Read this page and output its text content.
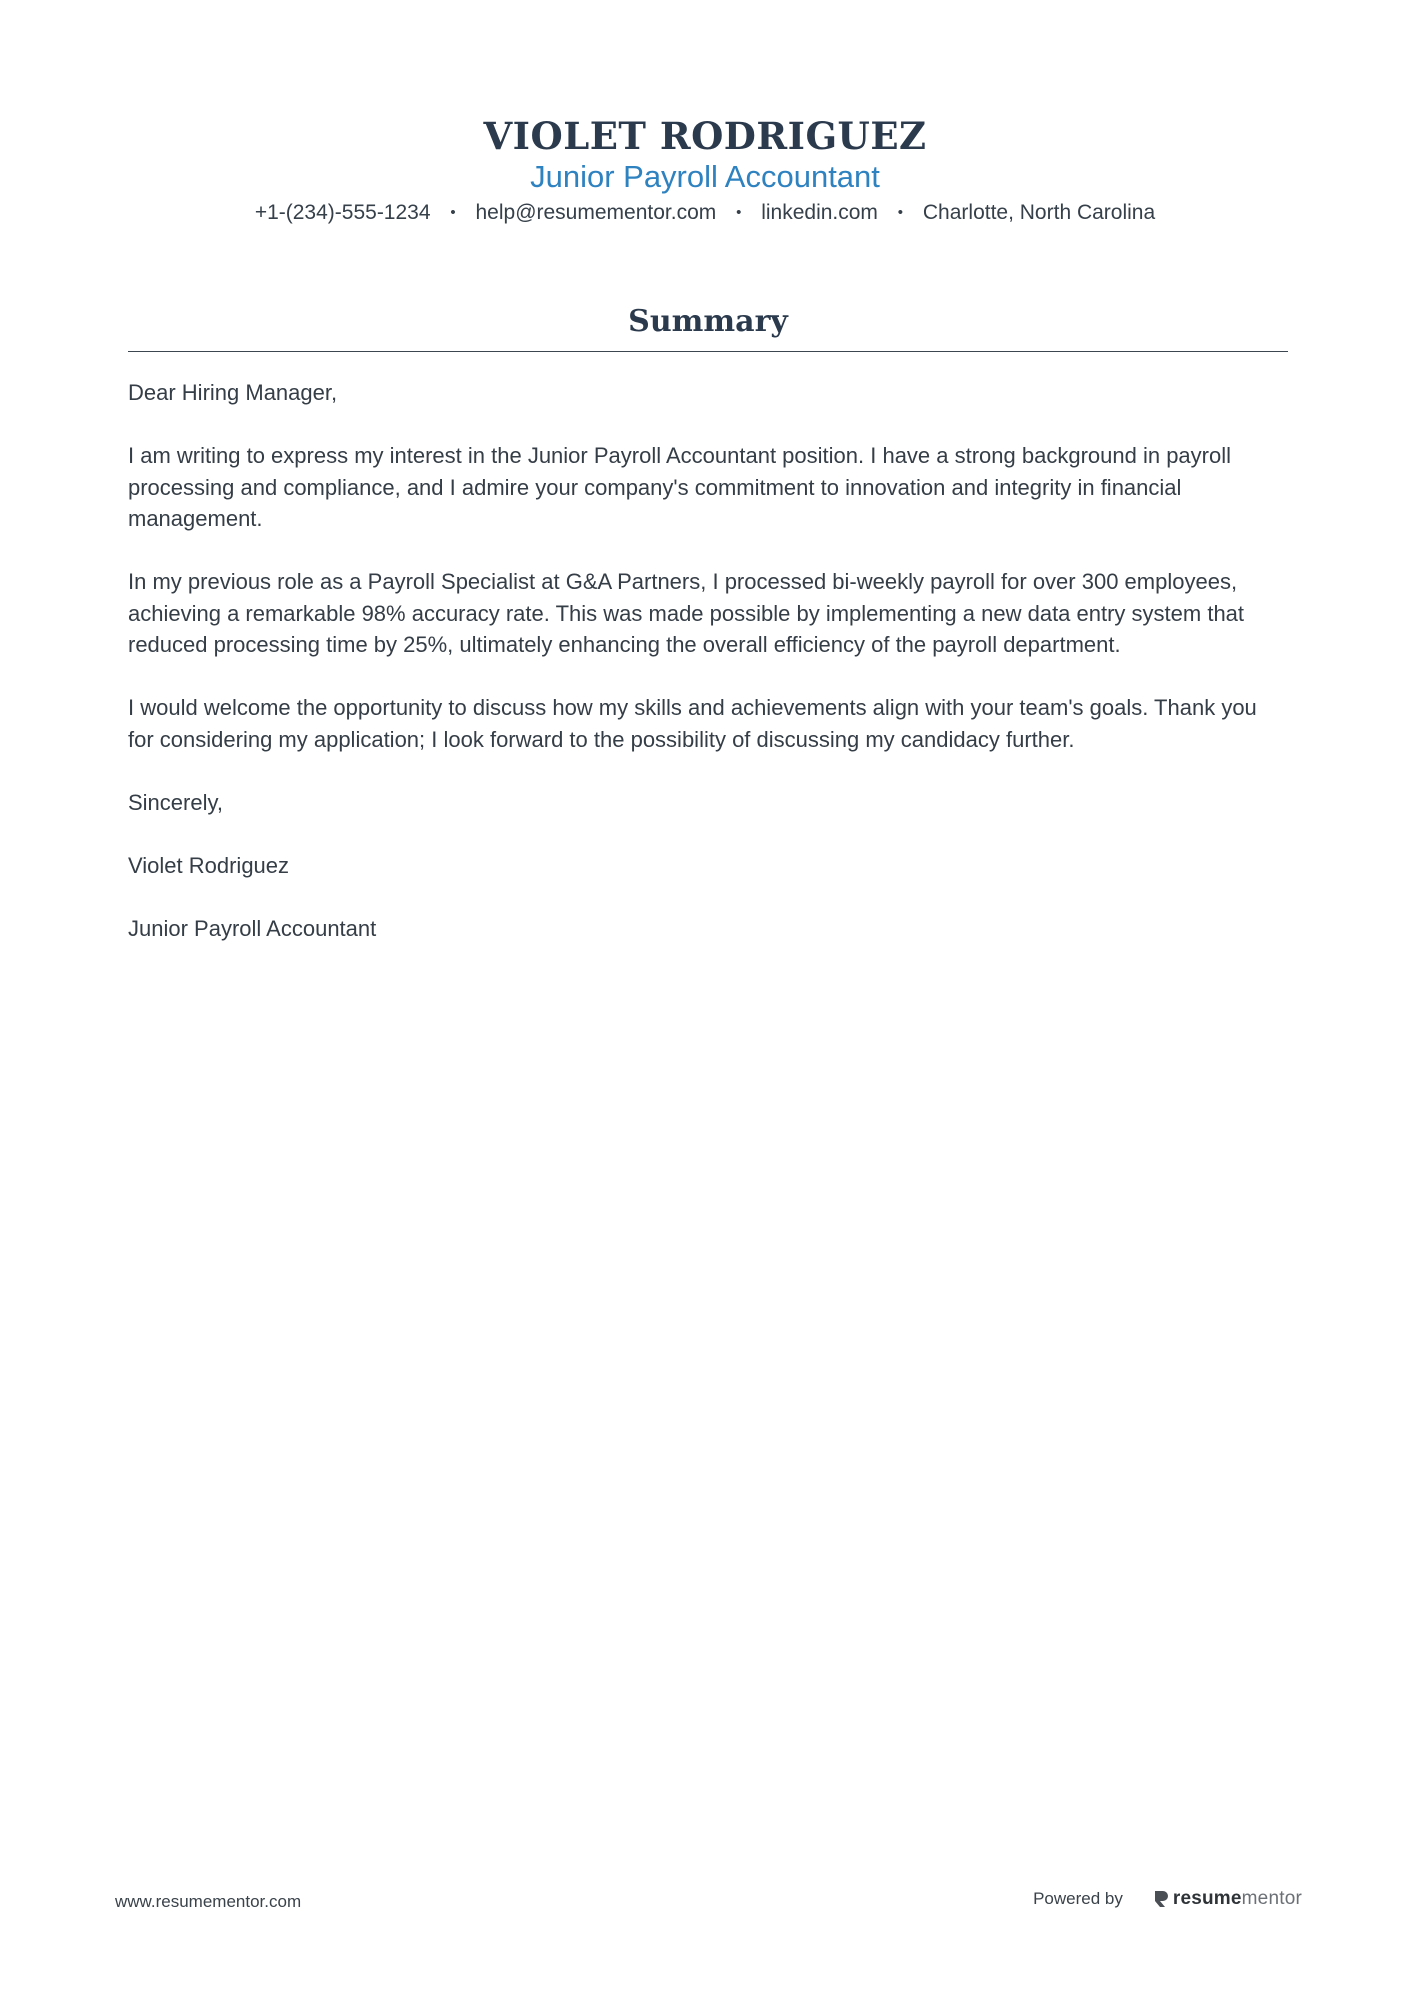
VIOLET RODRIGUEZ
Junior Payroll Accountant
+1-(234)-555-1234 • help@resumementor.com • linkedin.com • Charlotte, North Carolina
Summary

Dear Hiring Manager,

I am writing to express my interest in the Junior Payroll Accountant position. I have a strong background in payroll processing and compliance, and I admire your company's commitment to innovation and integrity in financial management.

In my previous role as a Payroll Specialist at G&A Partners, I processed bi-weekly payroll for over 300 employees, achieving a remarkable 98% accuracy rate. This was made possible by implementing a new data entry system that reduced processing time by 25%, ultimately enhancing the overall efficiency of the payroll department.

I would welcome the opportunity to discuss how my skills and achievements align with your team's goals. Thank you for considering my application; I look forward to the possibility of discussing my candidacy further.

Sincerely,

Violet Rodriguez

Junior Payroll Accountant

www.resumementor.com	Powered by	resume mentor
